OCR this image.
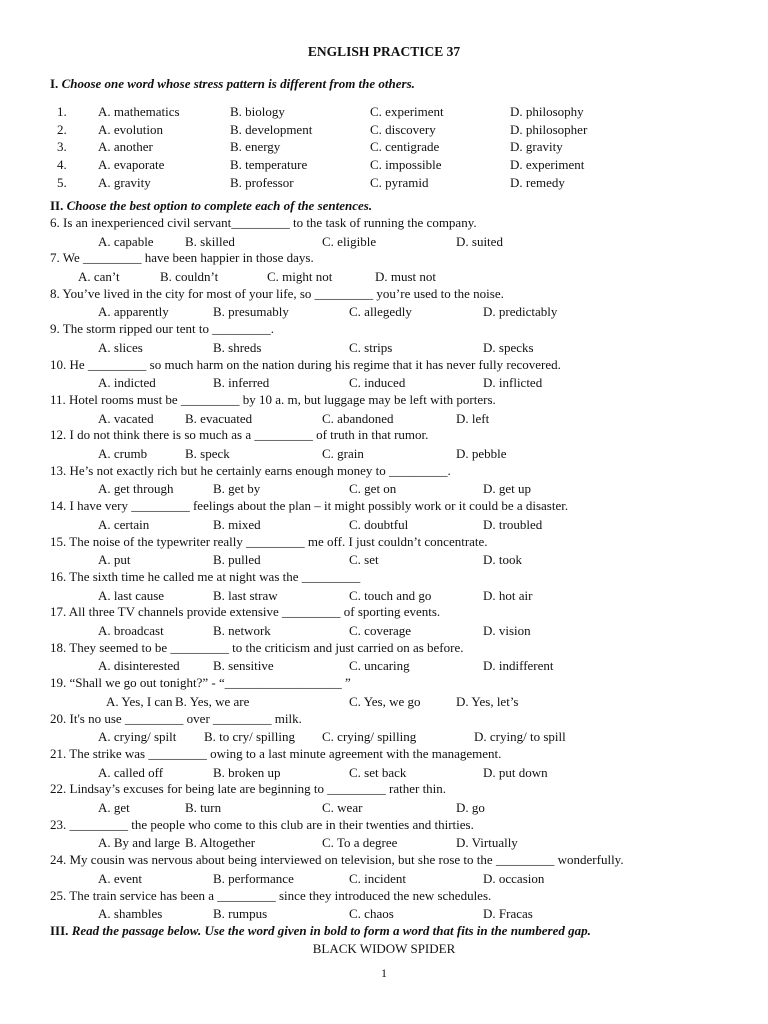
ENGLISH PRACTICE 37
I. Choose one word whose stress pattern is different from the others.
1. A. mathematics	B. biology	C. experiment	D. philosophy
2. A. evolution	B. development	C. discovery	D. philosopher
3. A. another	B. energy	C. centigrade	D. gravity
4. A. evaporate	B. temperature	C. impossible	D. experiment
5. A. gravity	B. professor	C. pyramid	D. remedy
II. Choose the best option to complete each of the sentences.
6. Is an inexperienced civil servant_________ to the task of running the company.
A. capable B. skilled	C. eligible	D. suited
7. We _________ have been happier in those days.
A. can’t	B. couldn’t	C. might not	D. must not
8. You’ve lived in the city for most of your life, so _________ you’re used to the noise.
A. apparently	B. presumably	C. allegedly	D. predictably
9. The storm ripped our tent to _________.
A. slices	B. shreds	C. strips	D. specks
10. He _________ so much harm on the nation during his regime that it has never fully recovered.
A. indicted	B. inferred	C. induced	D. inflicted
11. Hotel rooms must be _________ by 10 a. m, but luggage may be left with porters.
A. vacated B. evacuated	C. abandoned	D. left
12. I do not think there is so much as a _________ of truth in that rumor.
A. crumb	B. speck	C. grain	D. pebble
13. He’s not exactly rich but he certainly earns enough money to _________.
A. get through	B. get by	C. get on	D. get up
14. I have very _________ feelings about the plan – it might possibly work or it could be a disaster.
A. certain	B. mixed	C. doubtful	D. troubled
15. The noise of the typewriter really _________ me off. I just couldn’t concentrate.
A. put	B. pulled	C. set	D. took
16. The sixth time he called me at night was the _________
A. last cause	B. last straw	C. touch and go	D. hot air
17. All three TV channels provide extensive _________ of sporting events.
A. broadcast	B. network	C. coverage	D. vision
18. They seemed to be _________ to the criticism and just carried on as before.
A. disinterested	B. sensitive	C. uncaring	D. indifferent
19. “Shall we go out tonight?” - “__________________ ”
A. Yes, I can B. Yes, we are	C. Yes, we go	D. Yes, let’s
20. It's no use _________ over _________ milk.
A. crying/ spilt B. to cry/ spilling C. crying/ spilling	D. crying/ to spill
21. The strike was _________ owing to a last minute agreement with the management.
A. called off	B. broken up	C. set back	D. put down
22. Lindsay’s excuses for being late are beginning to _________ rather thin.
A. get	B. turn	C. wear	D. go
23. _________ the people who come to this club are in their twenties and thirties.
A. By and large B. Altogether	C. To a degree	D. Virtually
24. My cousin was nervous about being interviewed on television, but she rose to the _________ wonderfully.
A. event	B. performance	C. incident	D. occasion
25. The train service has been a _________ since they introduced the new schedules.
A. shambles	B. rumpus	C. chaos	D. Fracas
III. Read the passage below. Use the word given in bold to form a word that fits in the numbered gap.
BLACK WIDOW SPIDER
1
